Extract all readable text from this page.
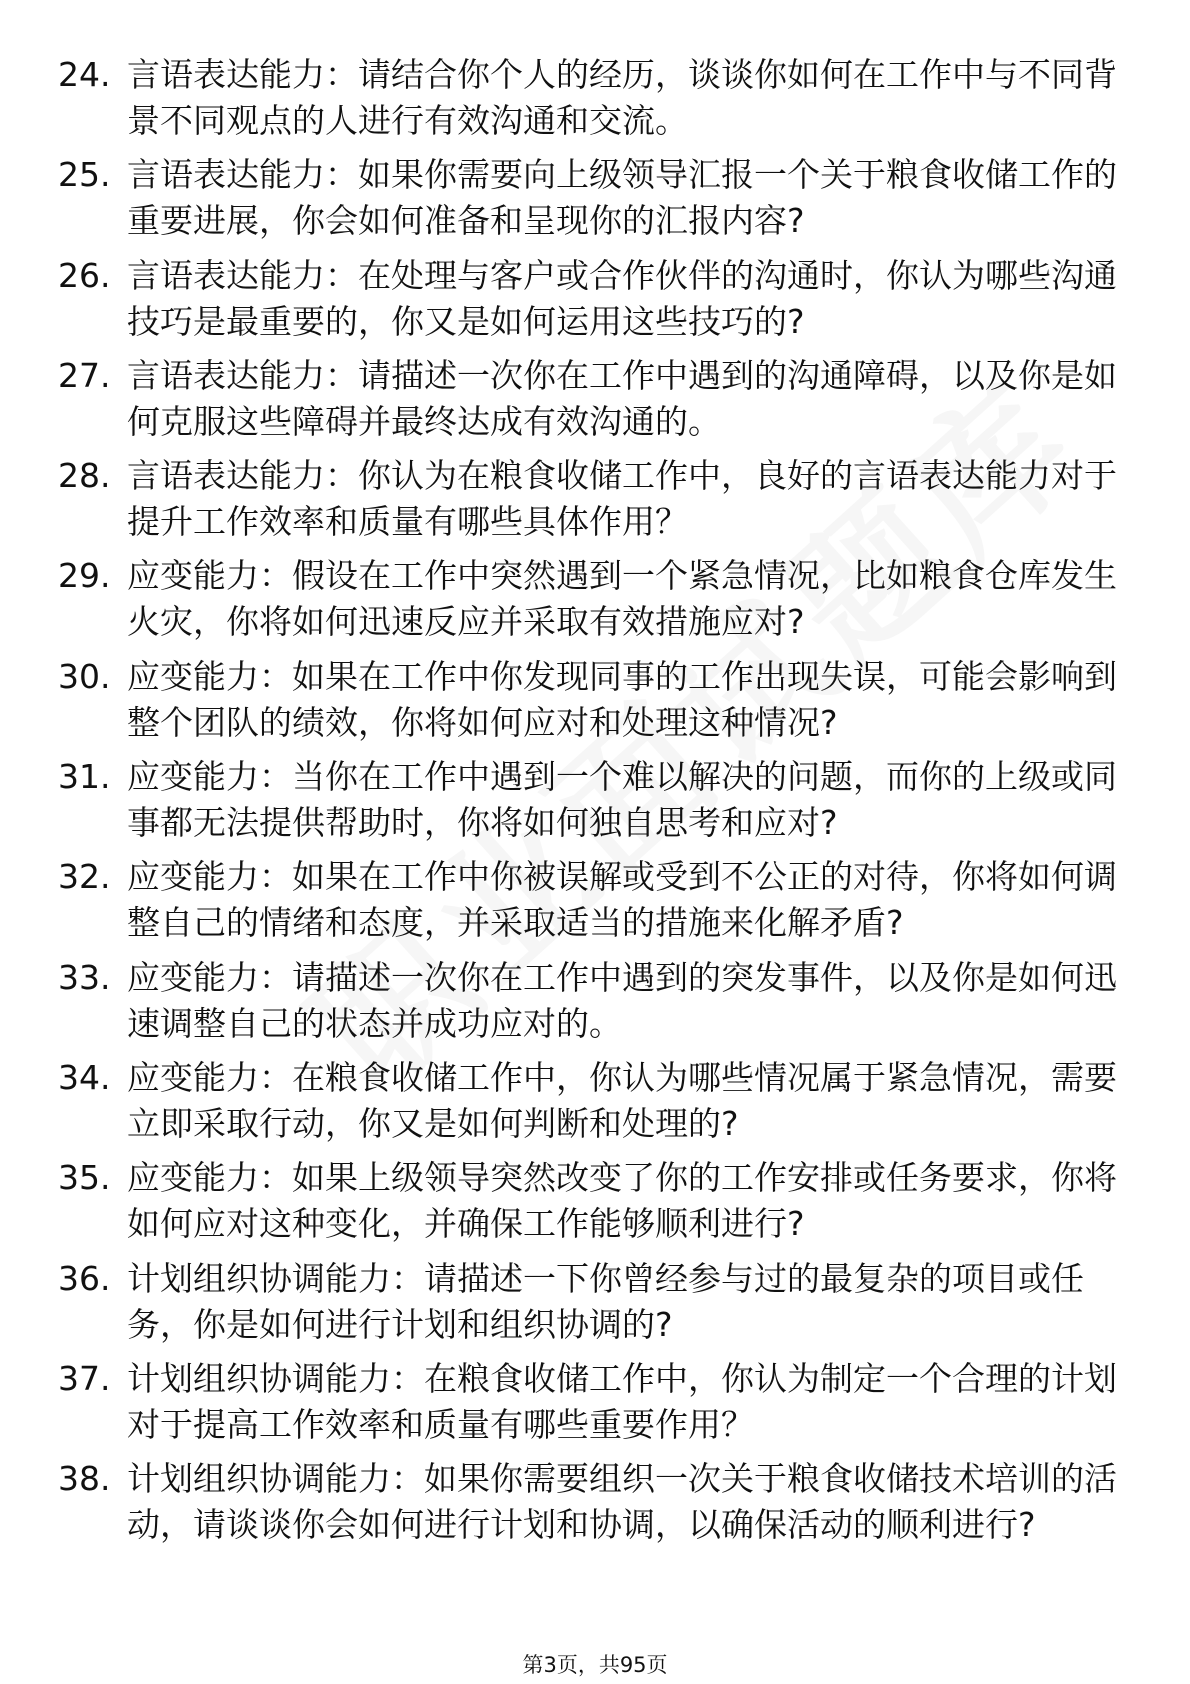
24. 言语表达能力：请结合你个人的经历，谈谈你如何在工作中与不同背景不同观点的人进行有效沟通和交流。
25. 言语表达能力：如果你需要向上级领导汇报一个关于粮食收储工作的重要进展，你会如何准备和呈现你的汇报内容?
26. 言语表达能力：在处理与客户或合作伙伴的沟通时，你认为哪些沟通技巧是最重要的，你又是如何运用这些技巧的?
27. 言语表达能力：请描述一次你在工作中遇到的沟通障碍，以及你是如何克服这些障碍并最终达成有效沟通的。
28. 言语表达能力：你认为在粮食收储工作中，良好的言语表达能力对于提升工作效率和质量有哪些具体作用？
29. 应变能力：假设在工作中突然遇到一个紧急情况，比如粮食仓库发生火灾，你将如何迅速反应并采取有效措施应对?
30. 应变能力：如果在工作中你发现同事的工作出现失误，可能会影响到整个团队的绩效，你将如何应对和处理这种情况?
31. 应变能力：当你在工作中遇到一个难以解决的问题，而你的上级或同事都无法提供帮助时，你将如何独自思考和应对?
32. 应变能力：如果在工作中你被误解或受到不公正的对待，你将如何调整自己的情绪和态度，并采取适当的措施来化解矛盾?
33. 应变能力：请描述一次你在工作中遇到的突发事件，以及你是如何迅速调整自己的状态并成功应对的。
34. 应变能力：在粮食收储工作中，你认为哪些情况属于紧急情况，需要立即采取行动，你又是如何判断和处理的?
35. 应变能力：如果上级领导突然改变了你的工作安排或任务要求，你将如何应对这种变化，并确保工作能够顺利进行?
36. 计划组织协调能力：请描述一下你曾经参与过的最复杂的项目或任务，你是如何进行计划和组织协调的?
37. 计划组织协调能力：在粮食收储工作中，你认为制定一个合理的计划对于提高工作效率和质量有哪些重要作用？
38. 计划组织协调能力：如果你需要组织一次关于粮食收储技术培训的活动，请谈谈你会如何进行计划和协调，以确保活动的顺利进行?
第3页，共95页
